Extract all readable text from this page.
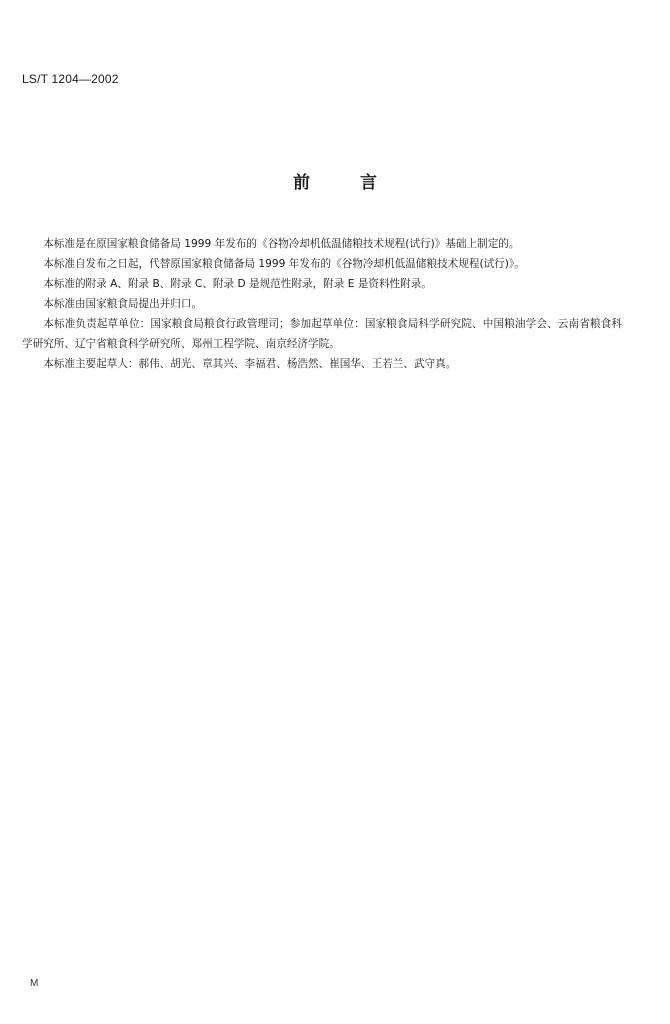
LS/T 1204—2002
前	言

本标准是在原国家粮食储备局 1999 年发布的《谷物冷却机低温储粮技术规程(试行)》基础上制定的。

本标准自发布之日起，代替原国家粮食储备局 1999 年发布的《谷物冷却机低温储粮技术规程(试行)》。

本标准的附录 A、附录 B、附录 C、附录 D 是规范性附录，附录 E 是资料性附录。

本标准由国家粮食局提出并归口。

本标准负责起草单位：国家粮食局粮食行政管理司；参加起草单位：国家粮食局科学研究院、中国粮油学会、云南省粮食科学研究所、辽宁省粮食科学研究所、郑州工程学院、南京经济学院。

本标准主要起草人：郝伟、胡光、章其兴、李福君、杨浩然、崔国华、王若兰、武守真。

M
